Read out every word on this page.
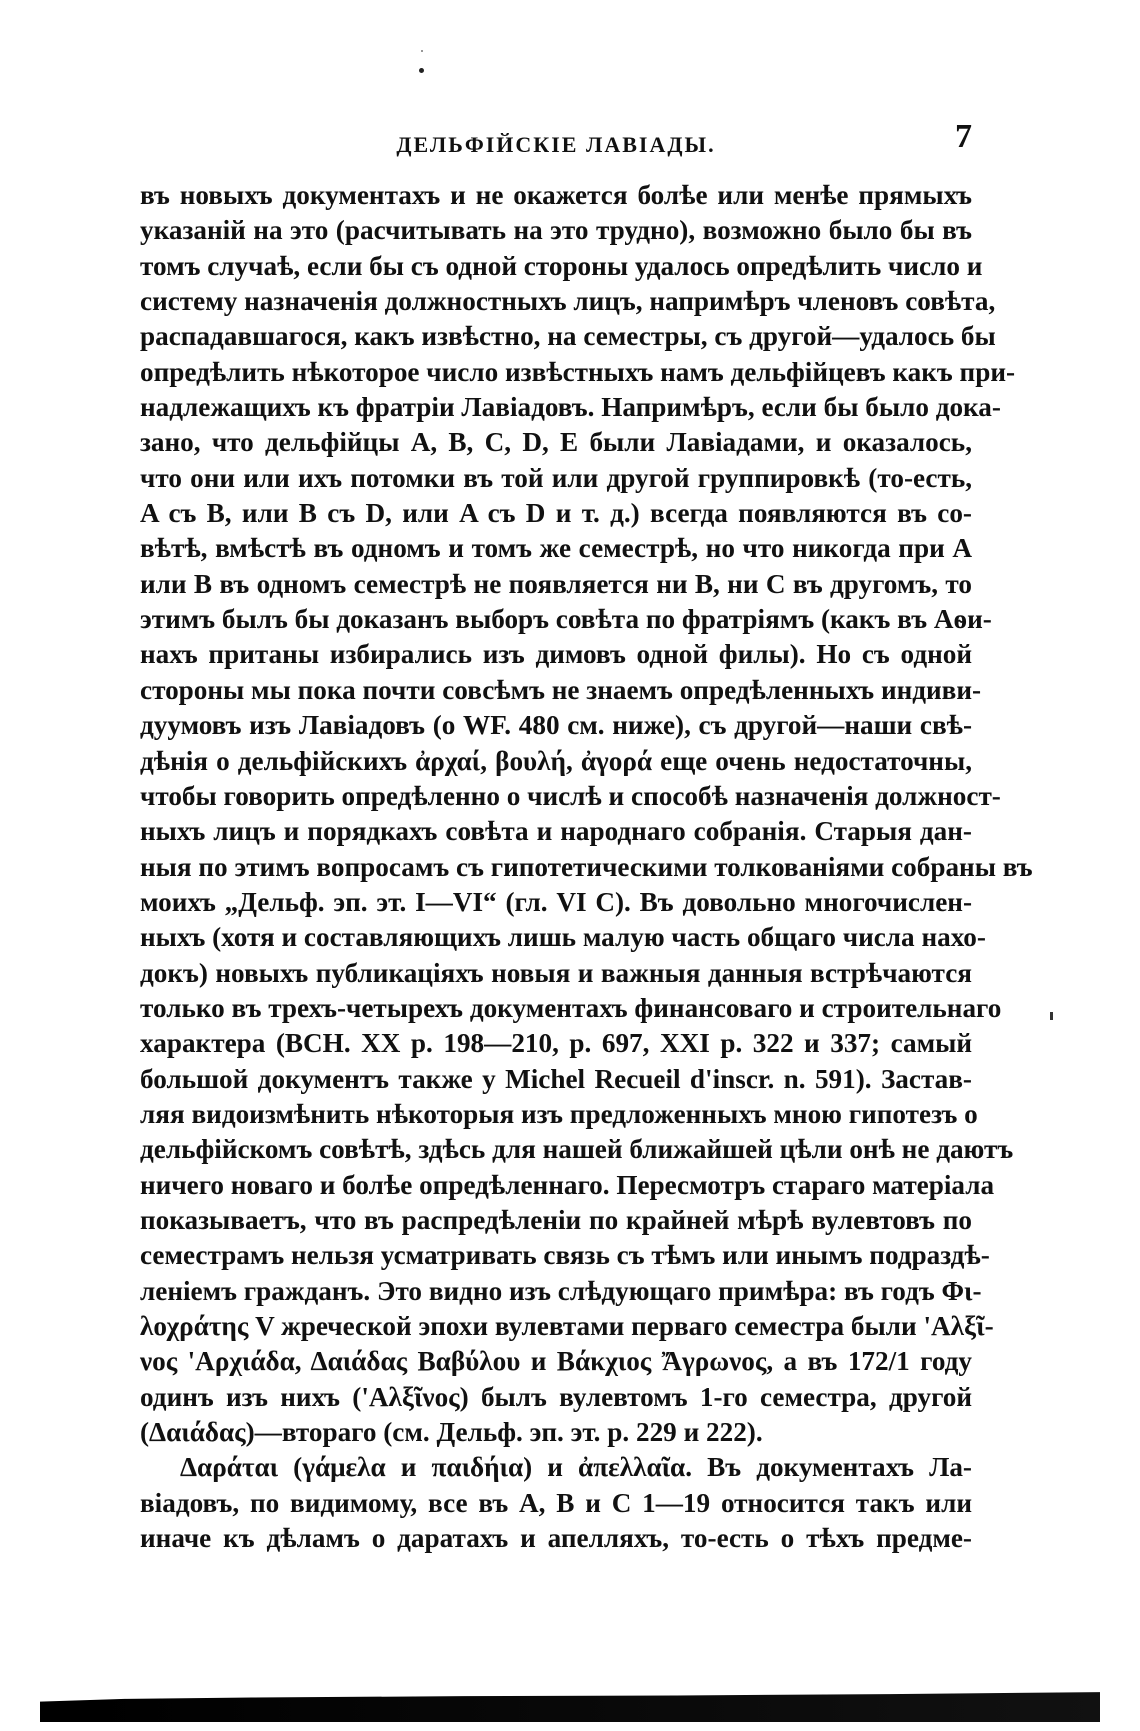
ДЕЛЬФІЙСКІЕ ЛАВІАДЫ.	7

въ новыхъ документахъ и не окажется болѣе или менѣе прямыхъ

указаній на это (расчитывать на это трудно), возможно было бы въ

томъ случаѣ, если бы съ одной стороны удалось опредѣлить число и

систему назначенія должностныхъ лицъ, напримѣръ членовъ совѣта,

распадавшагося, какъ извѣстно, на семестры, съ другой—удалось бы

опредѣлить нѣкоторое число извѣстныхъ намъ дельфійцевъ какъ при-

надлежащихъ къ фратріи Лавіадовъ. Напримѣръ, если бы было дока-

зано, что дельфійцы A, B, C, D, E были Лавіадами, и оказалось,

что они или ихъ потомки въ той или другой группировкѣ (то-есть,

A съ B, или B съ D, или A съ D и т. д.) всегда появляются въ со-

вѣтѣ, вмѣстѣ въ одномъ и томъ же семестрѣ, но что никогда при A

или B въ одномъ семестрѣ не появляется ни B, ни C въ другомъ, то

этимъ былъ бы доказанъ выборъ совѣта по фратріямъ (какъ въ Аѳи-

нахъ пританы избирались изъ димовъ одной филы). Но съ одной

стороны мы пока почти совсѣмъ не знаемъ опредѣленныхъ индиви-

дуумовъ изъ Лавіадовъ (о WF. 480 см. ниже), съ другой—наши свѣ-

дѣнія о дельфійскихъ ἀρχαί, βουλή, ἀγορά еще очень недостаточны,

чтобы говорить опредѣленно о числѣ и способѣ назначенія должност-

ныхъ лицъ и порядкахъ совѣта и народнаго собранія. Старыя дан-

ныя по этимъ вопросамъ съ гипотетическими толкованіями собраны въ

моихъ „Дельф. эп. эт. I—VI“ (гл. VI C). Въ довольно многочислен-

ныхъ (хотя и составляющихъ лишь малую часть общаго числа нахо-

докъ) новыхъ публикаціяхъ новыя и важныя данныя встрѣчаются

только въ трехъ-четырехъ документахъ финансоваго и строительнаго

характера (BCH. XX p. 198—210, p. 697, XXI p. 322 и 337; самый

большой документъ также у Michel Recueil d'inscr. n. 591). Застав-

ляя видоизмѣнить нѣкоторыя изъ предложенныхъ мною гипотезъ о

дельфійскомъ совѣтѣ, здѣсь для нашей ближайшей цѣли онѣ не даютъ

ничего новаго и болѣе опредѣленнаго. Пересмотръ стараго матеріала

показываетъ, что въ распредѣленіи по крайней мѣрѣ вулевтовъ по

семестрамъ нельзя усматривать связь съ тѣмъ или инымъ подраздѣ-

леніемъ гражданъ. Это видно изъ слѣдующаго примѣра: въ годъ Φι-

λοχράτης V жреческой эпохи вулевтами перваго семестра были 'Αλξῖ-

νος 'Αρχιάδα, Δαιάδας Βαβύλου и Βάκχιος Ἄγρωνος, а въ 172/1 году

одинъ изъ нихъ ('Αλξῖνος) былъ вулевтомъ 1-го семестра, другой

(Δαιάδας)—втораго (см. Дельф. эп. эт. p. 229 и 222).

Δαράται (γάμελα и παιδήια) и ἀπελλαῖα. Въ документахъ Ла-

віадовъ, по видимому, все въ A, B и C 1—19 относится такъ или

иначе къ дѣламъ о даратахъ и апелляхъ, то-есть о тѣхъ предме-
